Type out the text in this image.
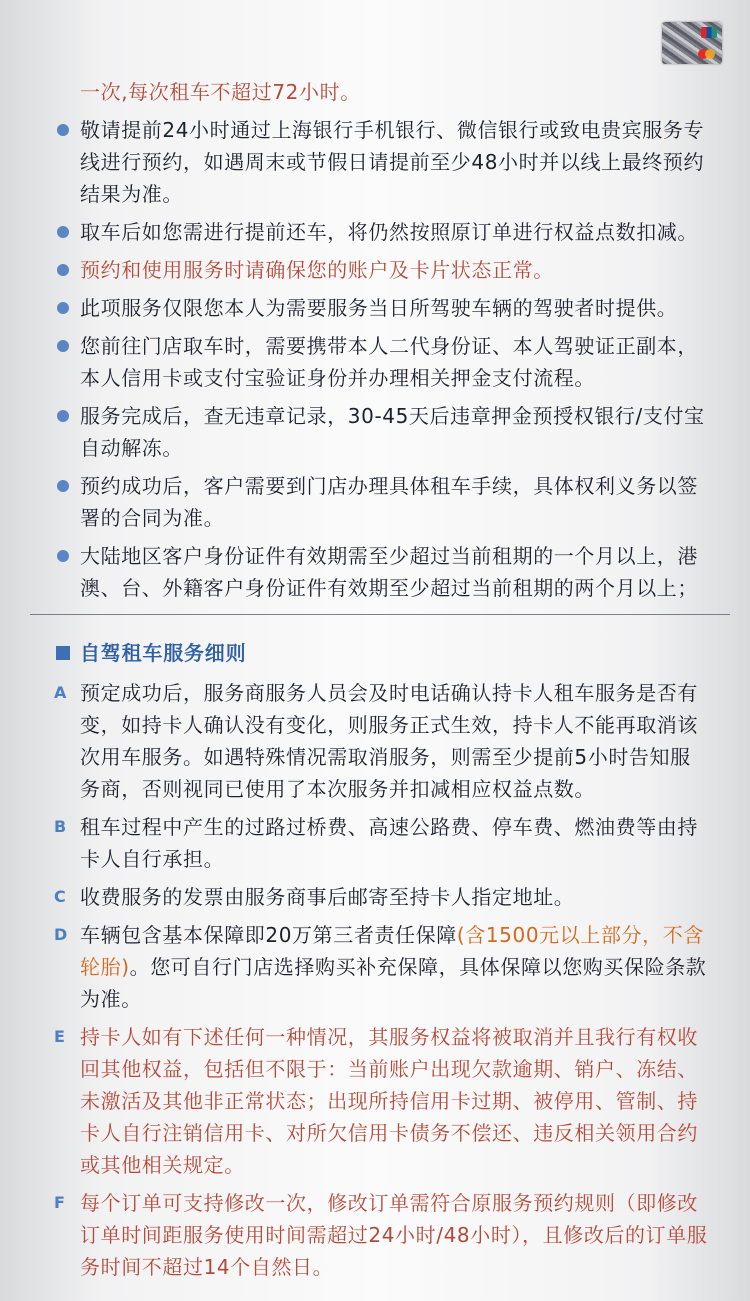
一次,每次租车不超过72小时。
敬请提前24小时通过上海银行手机银行、微信银行或致电贵宾服务专线进行预约，如遇周末或节假日请提前至少48小时并以线上最终预约结果为准。
取车后如您需进行提前还车，将仍然按照原订单进行权益点数扣减。
预约和使用服务时请确保您的账户及卡片状态正常。
此项服务仅限您本人为需要服务当日所驾驶车辆的驾驶者时提供。
您前往门店取车时，需要携带本人二代身份证、本人驾驶证正副本，本人信用卡或支付宝验证身份并办理相关押金支付流程。
服务完成后，查无违章记录，30-45天后违章押金预授权银行/支付宝自动解冻。
预约成功后，客户需要到门店办理具体租车手续，具体权利义务以签署的合同为准。
大陆地区客户身份证件有效期需至少超过当前租期的一个月以上，港澳、台、外籍客户身份证件有效期至少超过当前租期的两个月以上；
自驾租车服务细则
A 预定成功后，服务商服务人员会及时电话确认持卡人租车服务是否有变，如持卡人确认没有变化，则服务正式生效，持卡人不能再取消该次用车服务。如遇特殊情况需取消服务，则需至少提前5小时告知服务商，否则视同已使用了本次服务并扣减相应权益点数。
B 租车过程中产生的过路过桥费、高速公路费、停车费、燃油费等由持卡人自行承担。
C 收费服务的发票由服务商事后邮寄至持卡人指定地址。
D 车辆包含基本保障即20万第三者责任保障(含1500元以上部分，不含轮胎)。您可自行门店选择购买补充保障，具体保障以您购买保险条款为准。
E 持卡人如有下述任何一种情况，其服务权益将被取消并且我行有权收回其他权益，包括但不限于：当前账户出现欠款逾期、销户、冻结、未激活及其他非正常状态；出现所持信用卡过期、被停用、管制、持卡人自行注销信用卡、对所欠信用卡债务不偿还、违反相关领用合约或其他相关规定。
F 每个订单可支持修改一次，修改订单需符合原服务预约规则（即修改订单时间距服务使用时间需超过24小时/48小时），且修改后的订单服务时间不超过14个自然日。
